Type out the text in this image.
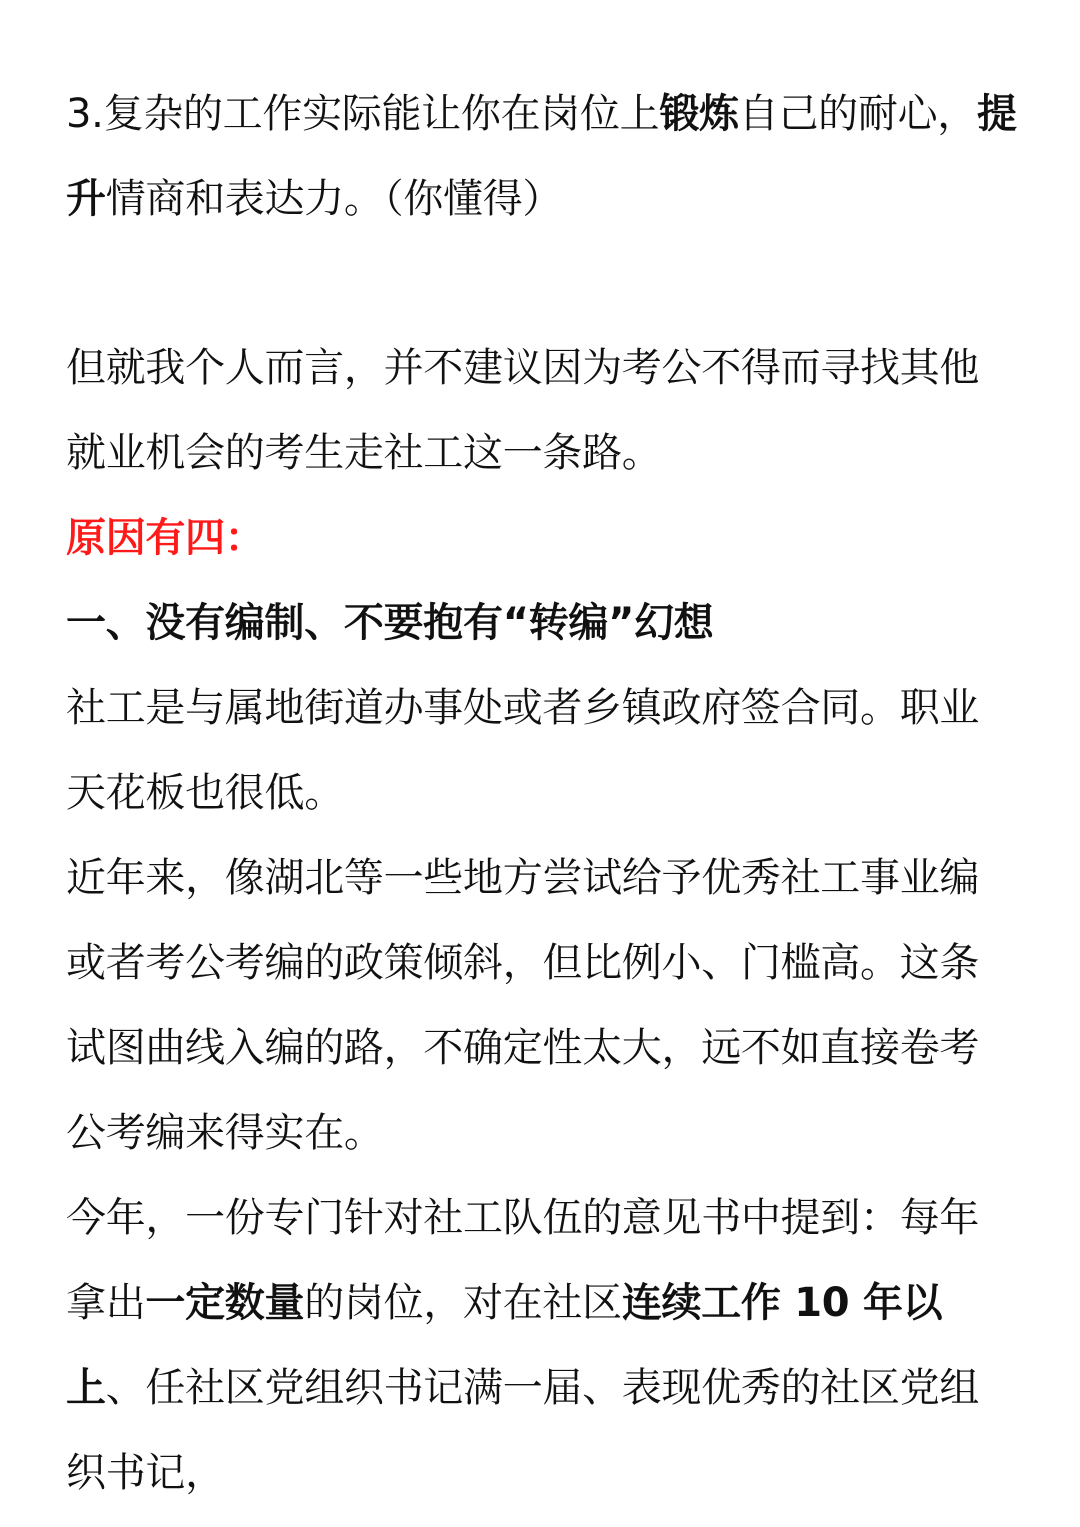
3.复杂的工作实际能让你在岗位上锻炼自己的耐心，提升情商和表达力。（你懂得）

但就我个人而言，并不建议因为考公不得而寻找其他就业机会的考生走社工这一条路。

原因有四：

一、没有编制、不要抱有“转编”幻想

社工是与属地街道办事处或者乡镇政府签合同。职业天花板也很低。

近年来，像湖北等一些地方尝试给予优秀社工事业编或者考公考编的政策倾斜，但比例小、门槛高。这条试图曲线入编的路，不确定性太大，远不如直接卷考公考编来得实在。

今年，一份专门针对社工队伍的意见书中提到：每年拿出一定数量的岗位，对在社区连续工作 10 年以上、任社区党组织书记满一届、表现优秀的社区党组织书记，
